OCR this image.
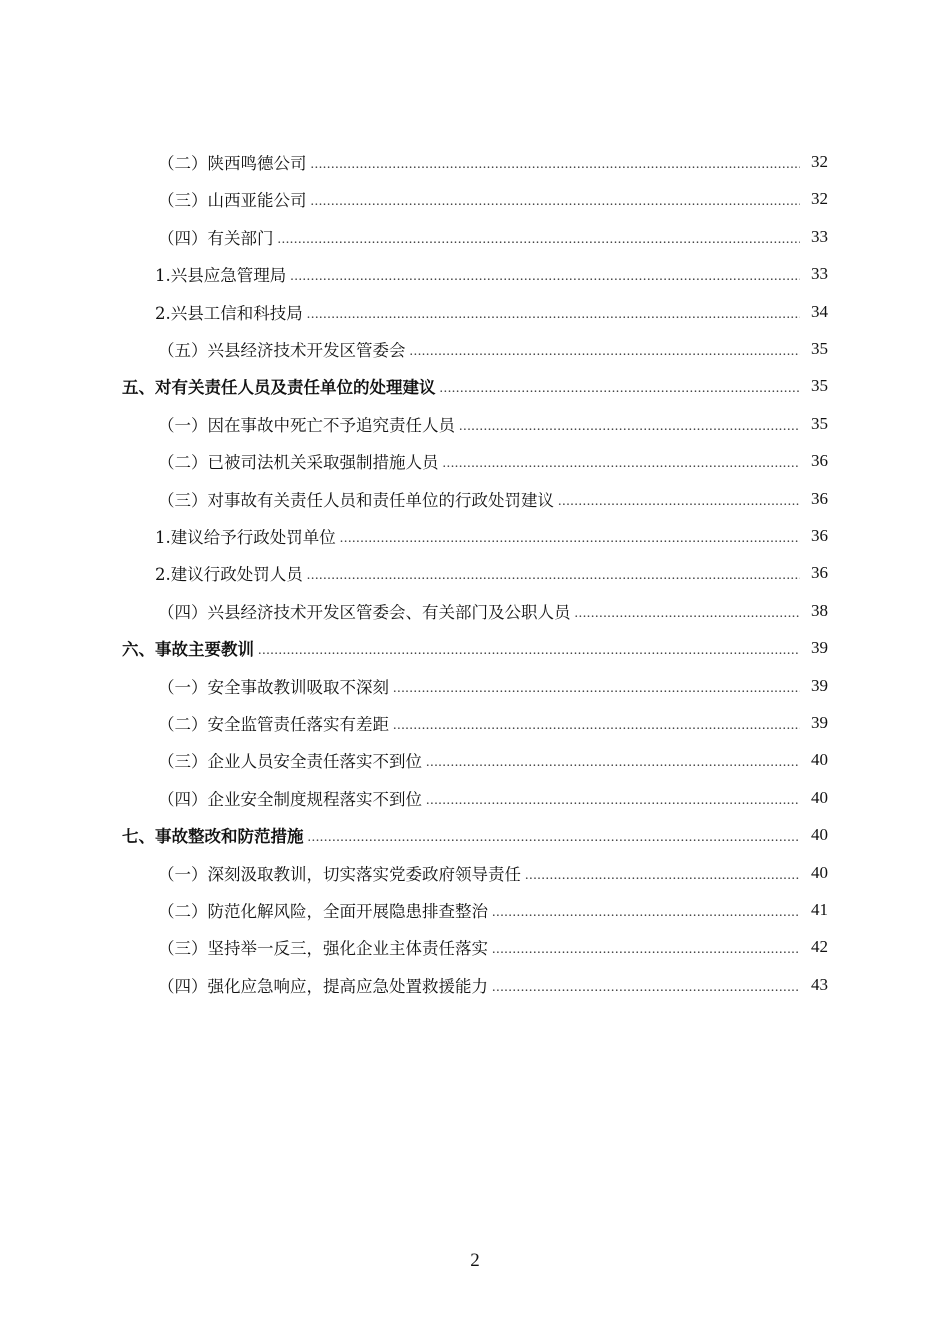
（二）陕西鸣德公司 .....	32
（三）山西亚能公司 .....	32
（四）有关部门 .....	33
1.兴县应急管理局 .....	33
2.兴县工信和科技局 .....	34
（五）兴县经济技术开发区管委会 .....	35
五、对有关责任人员及责任单位的处理建议 .....	35
（一）因在事故中死亡不予追究责任人员 .....	35
（二）已被司法机关采取强制措施人员 .....	36
（三）对事故有关责任人员和责任单位的行政处罚建议 .....	36
1.建议给予行政处罚单位 .....	36
2.建议行政处罚人员 .....	36
（四）兴县经济技术开发区管委会、有关部门及公职人员 .....	38
六、事故主要教训 .....	39
（一）安全事故教训吸取不深刻 .....	39
（二）安全监管责任落实有差距 .....	39
（三）企业人员安全责任落实不到位 .....	40
（四）企业安全制度规程落实不到位 .....	40
七、事故整改和防范措施 .....	40
（一）深刻汲取教训，切实落实党委政府领导责任 .....	40
（二）防范化解风险，全面开展隐患排查整治 .....	41
（三）坚持举一反三，强化企业主体责任落实 .....	42
（四）强化应急响应，提高应急处置救援能力 .....	43
2
